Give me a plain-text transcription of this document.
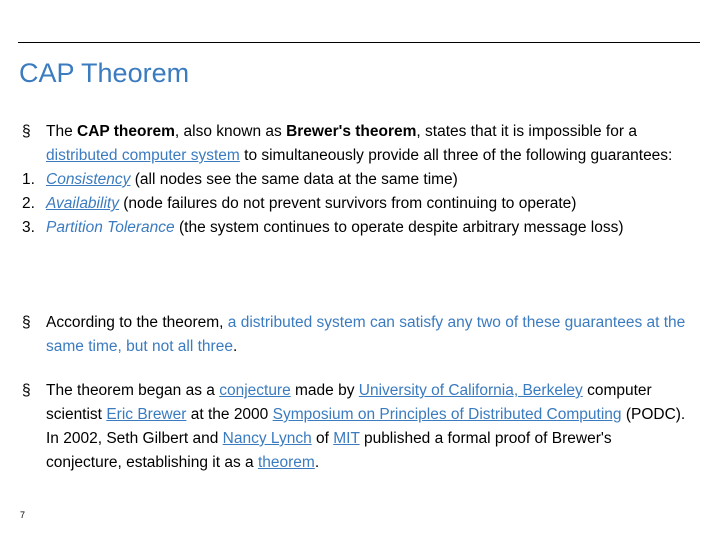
CAP Theorem
§ The CAP theorem, also known as Brewer's theorem, states that it is impossible for a distributed computer system to simultaneously provide all three of the following guarantees:
1. Consistency (all nodes see the same data at the same time)
2. Availability (node failures do not prevent survivors from continuing to operate)
3. Partition Tolerance (the system continues to operate despite arbitrary message loss)
§ According to the theorem, a distributed system can satisfy any two of these guarantees at the same time, but not all three.
§ The theorem began as a conjecture made by University of California, Berkeley computer scientist Eric Brewer at the 2000 Symposium on Principles of Distributed Computing (PODC). In 2002, Seth Gilbert and Nancy Lynch of MIT published a formal proof of Brewer's conjecture, establishing it as a theorem.
7
